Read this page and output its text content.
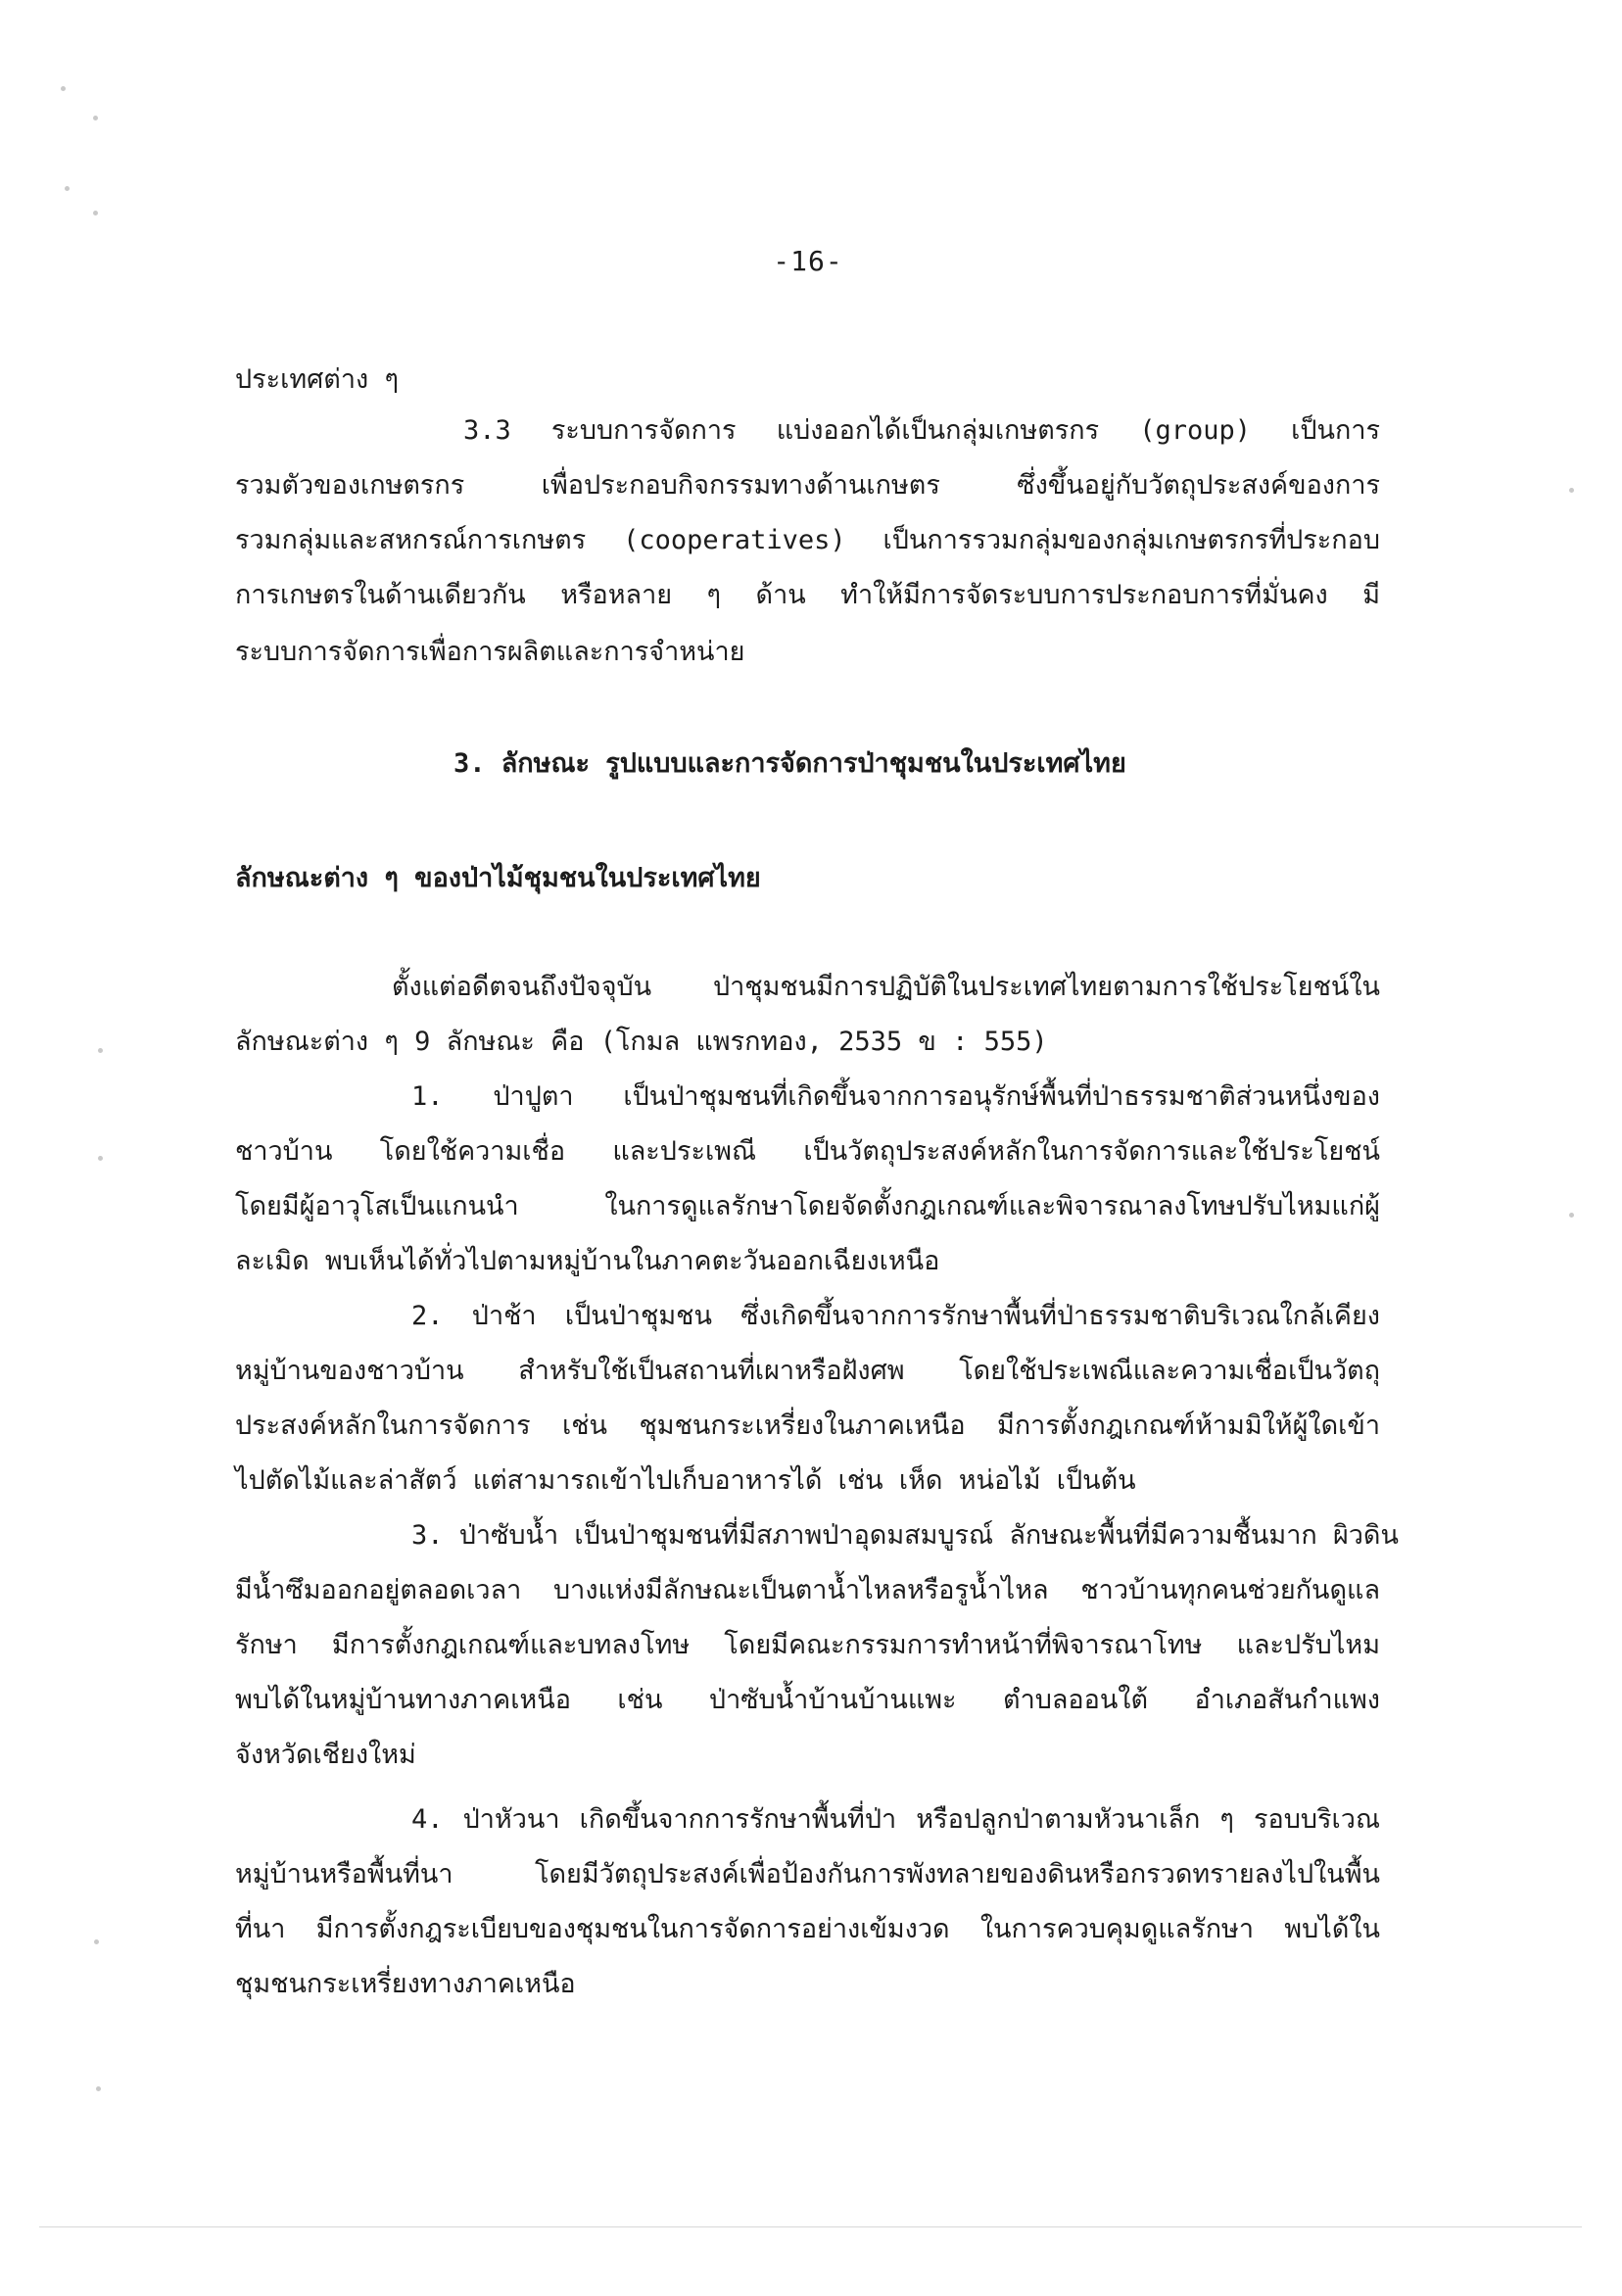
-16-
ประเทศต่าง ๆ
3.3 ระบบการจัดการ แบ่งออกได้เป็นกลุ่มเกษตรกร (group) เป็นการ
รวมตัวของเกษตรกร เพื่อประกอบกิจกรรมทางด้านเกษตร ซึ่งขึ้นอยู่กับวัตถุประสงค์ของการ
รวมกลุ่มและสหกรณ์การเกษตร (cooperatives) เป็นการรวมกลุ่มของกลุ่มเกษตรกรที่ประกอบ
การเกษตรในด้านเดียวกัน หรือหลาย ๆ ด้าน ทำให้มีการจัดระบบการประกอบการที่มั่นคง มี
ระบบการจัดการเพื่อการผลิตและการจำหน่าย
3. ลักษณะ รูปแบบและการจัดการป่าชุมชนในประเทศไทย
ลักษณะต่าง ๆ ของป่าไม้ชุมชนในประเทศไทย
ตั้งแต่อดีตจนถึงปัจจุบัน ป่าชุมชนมีการปฏิบัติในประเทศไทยตามการใช้ประโยชน์ใน
ลักษณะต่าง ๆ 9 ลักษณะ คือ (โกมล แพรกทอง, 2535 ข : 555)
1. ป่าปูตา เป็นป่าชุมชนที่เกิดขึ้นจากการอนุรักษ์พื้นที่ป่าธรรมชาติส่วนหนึ่งของ
ชาวบ้าน โดยใช้ความเชื่อ และประเพณี เป็นวัตถุประสงค์หลักในการจัดการและใช้ประโยชน์
โดยมีผู้อาวุโสเป็นแกนนำ ในการดูแลรักษาโดยจัดตั้งกฎเกณฑ์และพิจารณาลงโทษปรับไหมแก่ผู้
ละเมิด พบเห็นได้ทั่วไปตามหมู่บ้านในภาคตะวันออกเฉียงเหนือ
2. ป่าช้า เป็นป่าชุมชน ซึ่งเกิดขึ้นจากการรักษาพื้นที่ป่าธรรมชาติบริเวณใกล้เคียง
หมู่บ้านของชาวบ้าน สำหรับใช้เป็นสถานที่เผาหรือฝังศพ โดยใช้ประเพณีและความเชื่อเป็นวัตถุ
ประสงค์หลักในการจัดการ เช่น ชุมชนกระเหรี่ยงในภาคเหนือ มีการตั้งกฎเกณฑ์ห้ามมิให้ผู้ใดเข้า
ไปตัดไม้และล่าสัตว์ แต่สามารถเข้าไปเก็บอาหารได้ เช่น เห็ด หน่อไม้ เป็นต้น
3. ป่าซับน้ำ เป็นป่าชุมชนที่มีสภาพป่าอุดมสมบูรณ์ ลักษณะพื้นที่มีความชื้นมาก ผิวดิน
มีน้ำซึมออกอยู่ตลอดเวลา บางแห่งมีลักษณะเป็นตาน้ำไหลหรือรูน้ำไหล ชาวบ้านทุกคนช่วยกันดูแล
รักษา มีการตั้งกฎเกณฑ์และบทลงโทษ โดยมีคณะกรรมการทำหน้าที่พิจารณาโทษ และปรับไหม
พบได้ในหมู่บ้านทางภาคเหนือ เช่น ป่าซับน้ำบ้านบ้านแพะ ตำบลออนใต้ อำเภอสันกำแพง
จังหวัดเชียงใหม่
4. ป่าหัวนา เกิดขึ้นจากการรักษาพื้นที่ป่า หรือปลูกป่าตามหัวนาเล็ก ๆ รอบบริเวณ
หมู่บ้านหรือพื้นที่นา โดยมีวัตถุประสงค์เพื่อป้องกันการพังทลายของดินหรือกรวดทรายลงไปในพื้น
ที่นา มีการตั้งกฎระเบียบของชุมชนในการจัดการอย่างเข้มงวด ในการควบคุมดูแลรักษา พบได้ใน
ชุมชนกระเหรี่ยงทางภาคเหนือ
